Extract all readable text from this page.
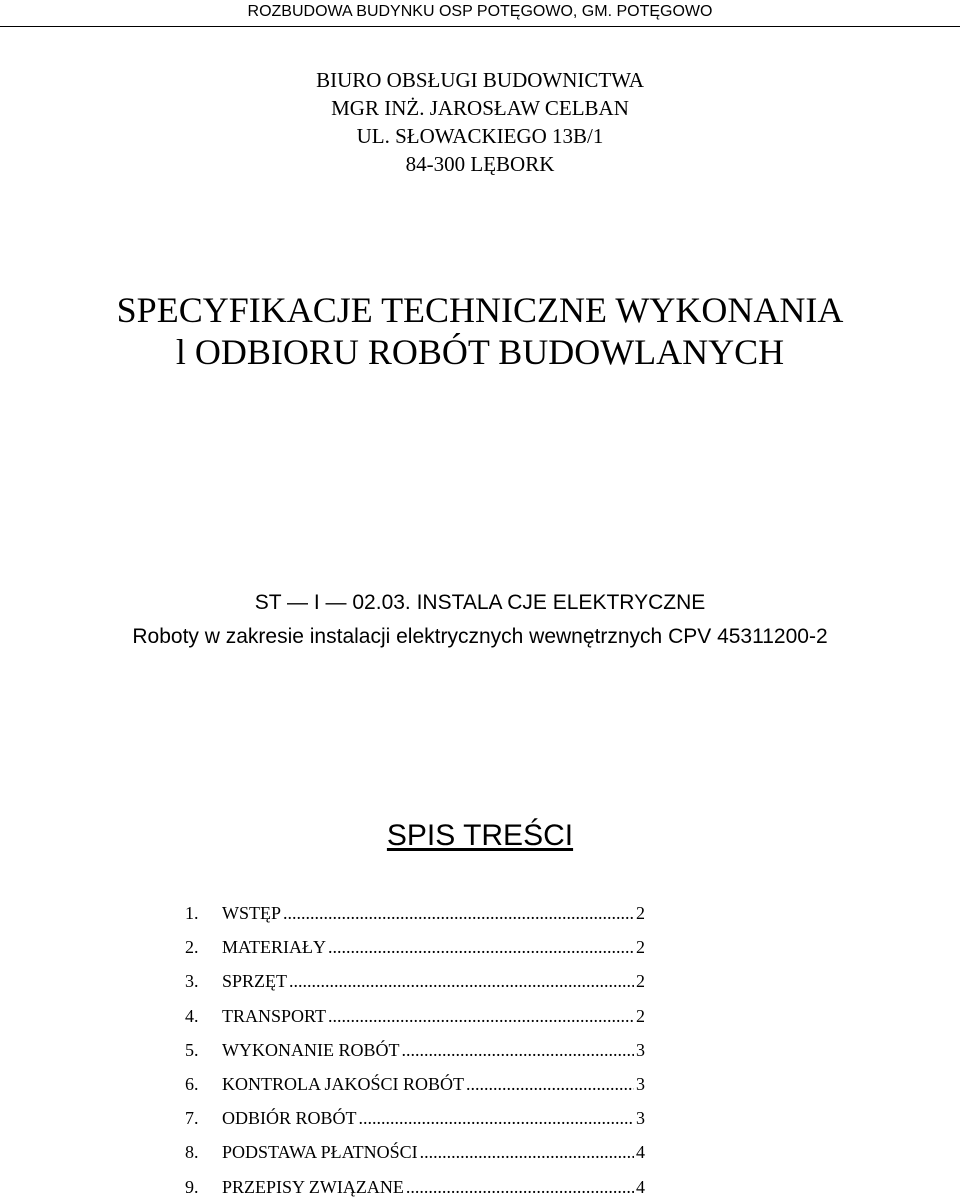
ROZBUDOWA BUDYNKU OSP POTĘGOWO, GM. POTĘGOWO
BIURO OBSŁUGI BUDOWNICTWA
MGR INŻ. JAROSŁAW CELBAN
UL. SŁOWACKIEGO 13B/1
84-300 LĘBORK
SPECYFIKACJE TECHNICZNE WYKONANIA
l ODBIORU ROBÓT BUDOWLANYCH
ST — I — 02.03. INSTALA CJE ELEKTRYCZNE
Roboty w zakresie instalacji elektrycznych wewnętrznych CPV 45311200-2
SPIS TREŚCI
1.	WSTĘP .....	2
2.	MATERIAŁY .....	2
3.	SPRZĘT .....	2
4.	TRANSPORT .....	2
5.	WYKONANIE ROBÓT .....	3
6.	KONTROLA JAKOŚCI ROBÓT .....	3
7.	ODBIÓR ROBÓT .....	3
8.	PODSTAWA PŁATNOŚCI .....	4
9.	PRZEPISY ZWIĄZANE .....	4
